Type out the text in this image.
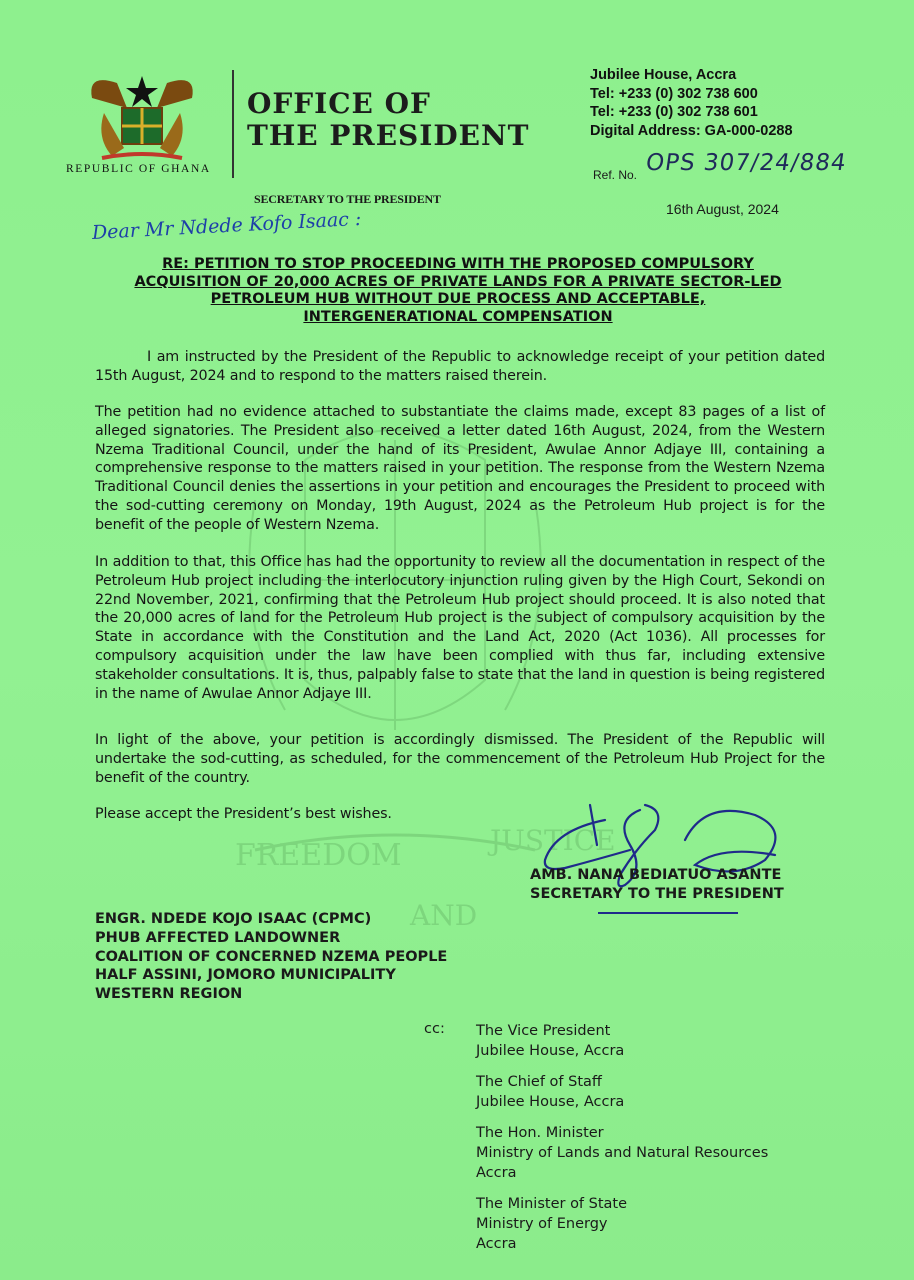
FREEDOM
AND
JUSTICE
REPUBLIC OF GHANA
OFFICE OF
THE PRESIDENT
Jubilee House, Accra
Tel: +233 (0) 302 738 600
Tel: +233 (0) 302 738 601
Digital Address: GA-000-0288
Ref. No. OPS 307/24/884
SECRETARY TO THE PRESIDENT
16th August, 2024
Dear Mr Ndede Kofo Isaac :
RE: PETITION TO STOP PROCEEDING WITH THE PROPOSED COMPULSORY
ACQUISITION OF 20,000 ACRES OF PRIVATE LANDS FOR A PRIVATE SECTOR-LED
PETROLEUM HUB WITHOUT DUE PROCESS AND ACCEPTABLE,
INTERGENERATIONAL COMPENSATION
I am instructed by the President of the Republic to acknowledge receipt of your petition dated 15th August, 2024 and to respond to the matters raised therein.
The petition had no evidence attached to substantiate the claims made, except 83 pages of a list of alleged signatories. The President also received a letter dated 16th August, 2024, from the Western Nzema Traditional Council, under the hand of its President, Awulae Annor Adjaye III, containing a comprehensive response to the matters raised in your petition. The response from the Western Nzema Traditional Council denies the assertions in your petition and encourages the President to proceed with the sod-cutting ceremony on Monday, 19th August, 2024 as the Petroleum Hub project is for the benefit of the people of Western Nzema.
In addition to that, this Office has had the opportunity to review all the documentation in respect of the Petroleum Hub project including the interlocutory injunction ruling given by the High Court, Sekondi on 22nd November, 2021, confirming that the Petroleum Hub project should proceed. It is also noted that the 20,000 acres of land for the Petroleum Hub project is the subject of compulsory acquisition by the State in accordance with the Constitution and the Land Act, 2020 (Act 1036). All processes for compulsory acquisition under the law have been complied with thus far, including extensive stakeholder consultations. It is, thus, palpably false to state that the land in question is being registered in the name of Awulae Annor Adjaye III.
In light of the above, your petition is accordingly dismissed. The President of the Republic will undertake the sod-cutting, as scheduled, for the commencement of the Petroleum Hub Project for the benefit of the country.
Please accept the President’s best wishes.
AMB. NANA BEDIATUO ASANTE
SECRETARY TO THE PRESIDENT
ENGR. NDEDE KOJO ISAAC (CPMC)
PHUB AFFECTED LANDOWNER
COALITION OF CONCERNED NZEMA PEOPLE
HALF ASSINI, JOMORO MUNICIPALITY
WESTERN REGION
cc: The Vice President
Jubilee House, Accra
The Chief of Staff
Jubilee House, Accra
The Hon. Minister
Ministry of Lands and Natural Resources
Accra
The Minister of State
Ministry of Energy
Accra
